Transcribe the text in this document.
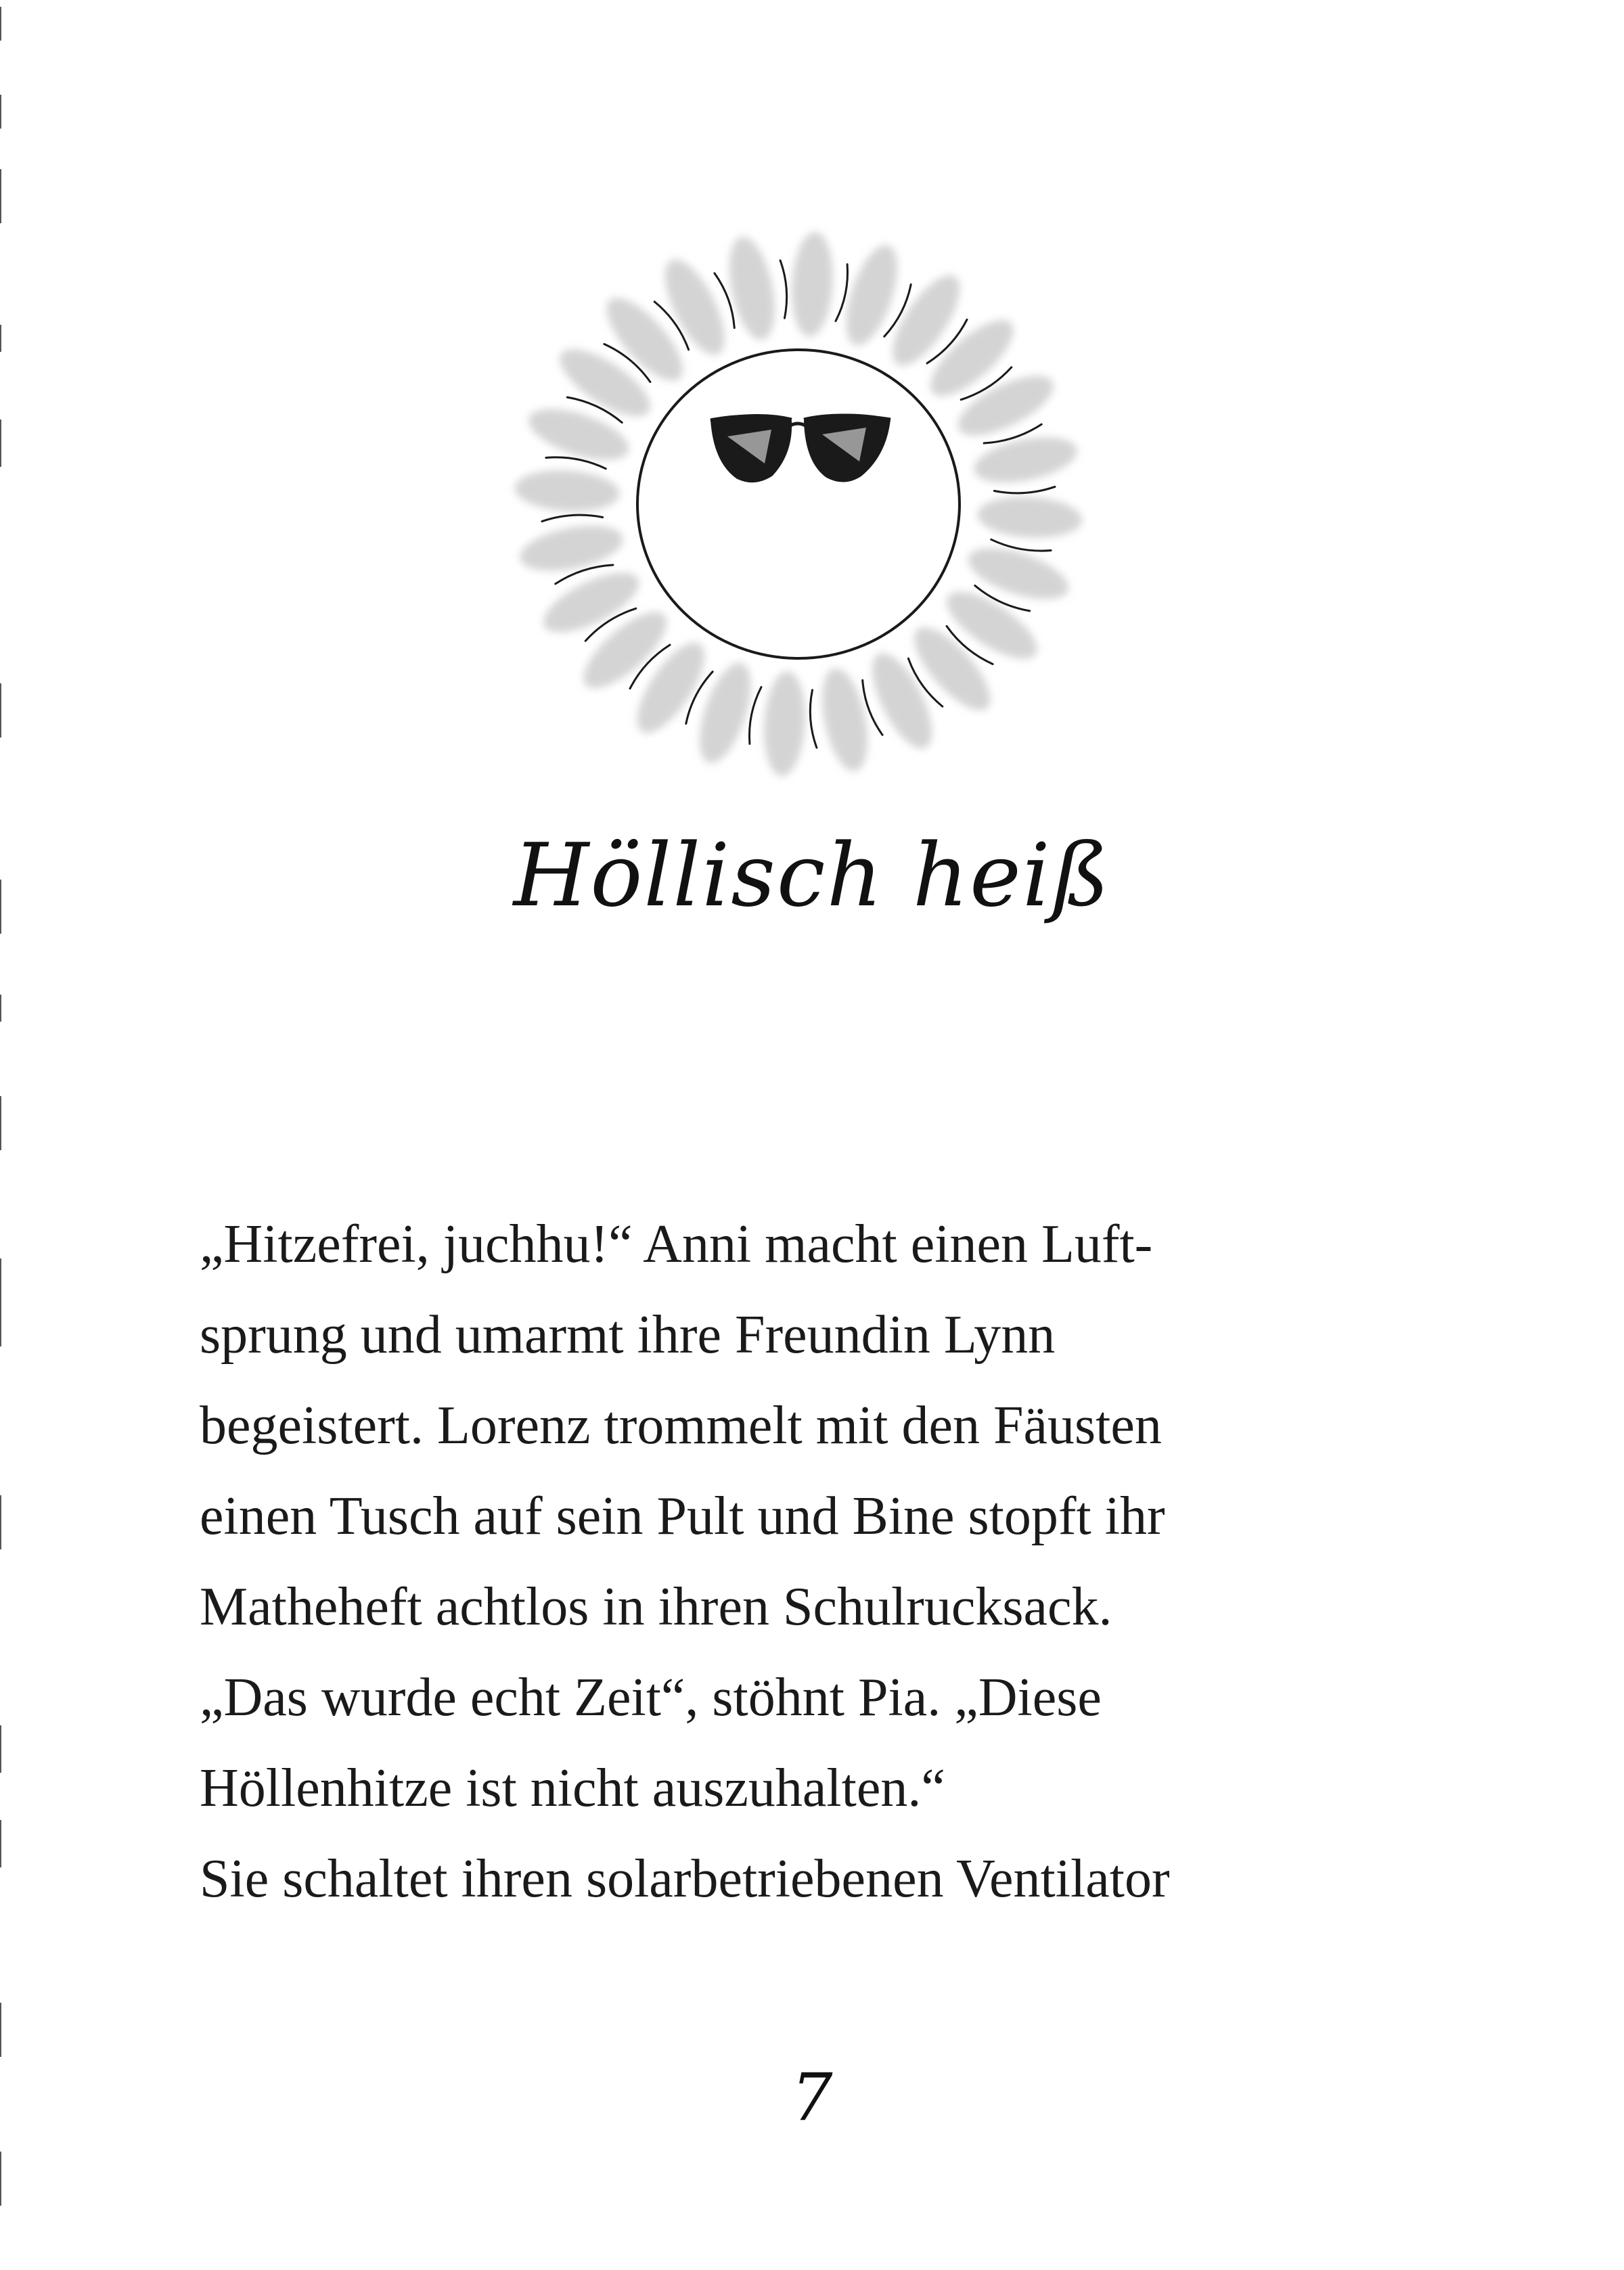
Höllisch heiß

„Hitzefrei, juchhu!“ Anni macht einen Luft-
sprung und umarmt ihre Freundin Lynn
begeistert. Lorenz trommelt mit den Fäusten
einen Tusch auf sein Pult und Bine stopft ihr
Matheheft achtlos in ihren Schulrucksack.
„Das wurde echt Zeit“, stöhnt Pia. „Diese
Höllenhitze ist nicht auszuhalten.“
Sie schaltet ihren solarbetriebenen Ventilator

7
